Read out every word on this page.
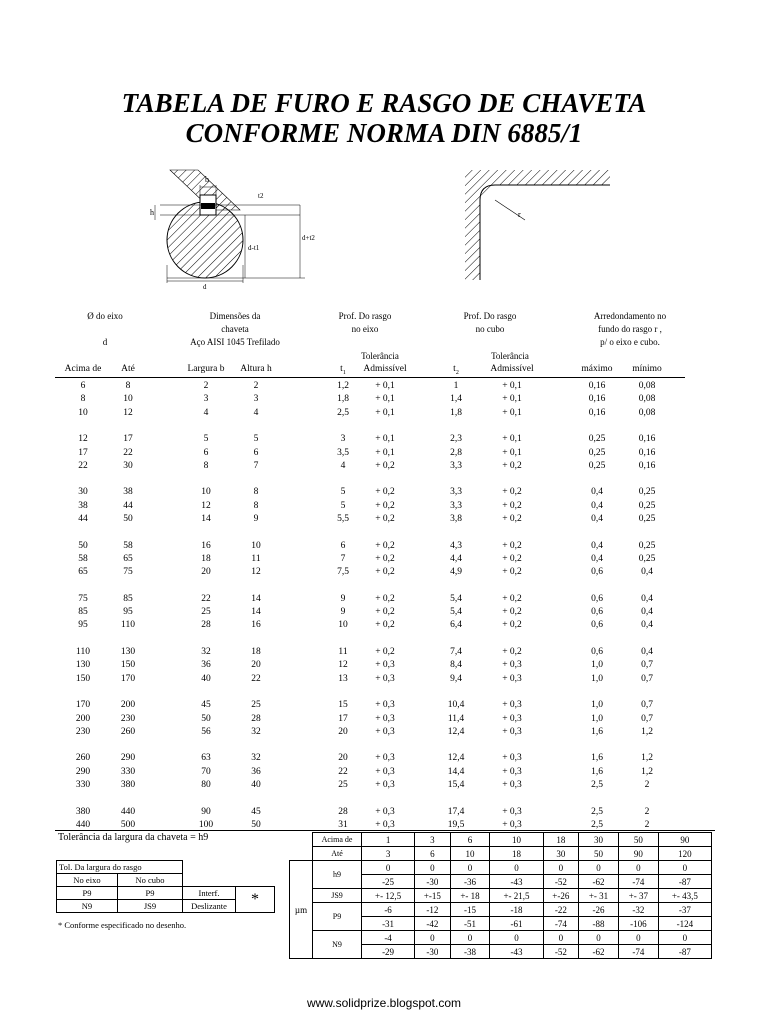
TABELA DE FURO E RASGO DE CHAVETA
CONFORME NORMA DIN 6885/1
b
h
t2
d-t1
d+t2
d
r
Ø do eixo
d
Dimensões da
chaveta
Aço AISI 1045 Trefilado
Prof. Do rasgo
no eixo
Prof. Do rasgo
no cubo
Arredondamento no
fundo do rasgo r ,
p/ o eixo e cubo.
Tolerância	Tolerância
Acima de	Até	Largura b	Altura h	$t_1$	Admissível	$t_2$	Admissível	máximo	mínimo
6	8	2	2	1,2	+ 0,1	1	+ 0,1	0,16	0,08
8	10	3	3	1,8	+ 0,1	1,4	+ 0,1	0,16	0,08
10	12	4	4	2,5	+ 0,1	1,8	+ 0,1	0,16	0,08
12	17	5	5	3	+ 0,1	2,3	+ 0,1	0,25	0,16
17	22	6	6	3,5	+ 0,1	2,8	+ 0,1	0,25	0,16
22	30	8	7	4	+ 0,2	3,3	+ 0,2	0,25	0,16
30	38	10	8	5	+ 0,2	3,3	+ 0,2	0,4	0,25
38	44	12	8	5	+ 0,2	3,3	+ 0,2	0,4	0,25
44	50	14	9	5,5	+ 0,2	3,8	+ 0,2	0,4	0,25
50	58	16	10	6	+ 0,2	4,3	+ 0,2	0,4	0,25
58	65	18	11	7	+ 0,2	4,4	+ 0,2	0,4	0,25
65	75	20	12	7,5	+ 0,2	4,9	+ 0,2	0,6	0,4
75	85	22	14	9	+ 0,2	5,4	+ 0,2	0,6	0,4
85	95	25	14	9	+ 0,2	5,4	+ 0,2	0,6	0,4
95	110	28	16	10	+ 0,2	6,4	+ 0,2	0,6	0,4
110	130	32	18	11	+ 0,2	7,4	+ 0,2	0,6	0,4
130	150	36	20	12	+ 0,3	8,4	+ 0,3	1,0	0,7
150	170	40	22	13	+ 0,3	9,4	+ 0,3	1,0	0,7
170	200	45	25	15	+ 0,3	10,4	+ 0,3	1,0	0,7
200	230	50	28	17	+ 0,3	11,4	+ 0,3	1,0	0,7
230	260	56	32	20	+ 0,3	12,4	+ 0,3	1,6	1,2
260	290	63	32	20	+ 0,3	12,4	+ 0,3	1,6	1,2
290	330	70	36	22	+ 0,3	14,4	+ 0,3	1,6	1,2
330	380	80	40	25	+ 0,3	15,4	+ 0,3	2,5	2
380	440	90	45	28	+ 0,3	17,4	+ 0,3	2,5	2
440	500	100	50	31	+ 0,3	19,5	+ 0,3	2,5	2
Tolerância da largura da chaveta = h9
Tol. Da largura do rasgo			
No eixo	No cubo		
P9	P9	Interf.	*
N9	JS9	Deslizante	
* Conforme especificado no desenho.
	Acima de	1	3	6	10	18	30	50	90
	Até	3	6	10	18	30	50	90	120
µm	h9	0	0	0	0	0	0	0	0
		-25	-30	-36	-43	-52	-62	-74	-87
	JS9	+- 12,5	+-15	+- 18	+- 21,5	+-26	+- 31	+- 37	+- 43,5
	P9	-6	-12	-15	-18	-22	-26	-32	-37
		-31	-42	-51	-61	-74	-88	-106	-124
	N9	-4	0	0	0	0	0	0	0
		-29	-30	-38	-43	-52	-62	-74	-87
www.solidprize.blogspot.com
